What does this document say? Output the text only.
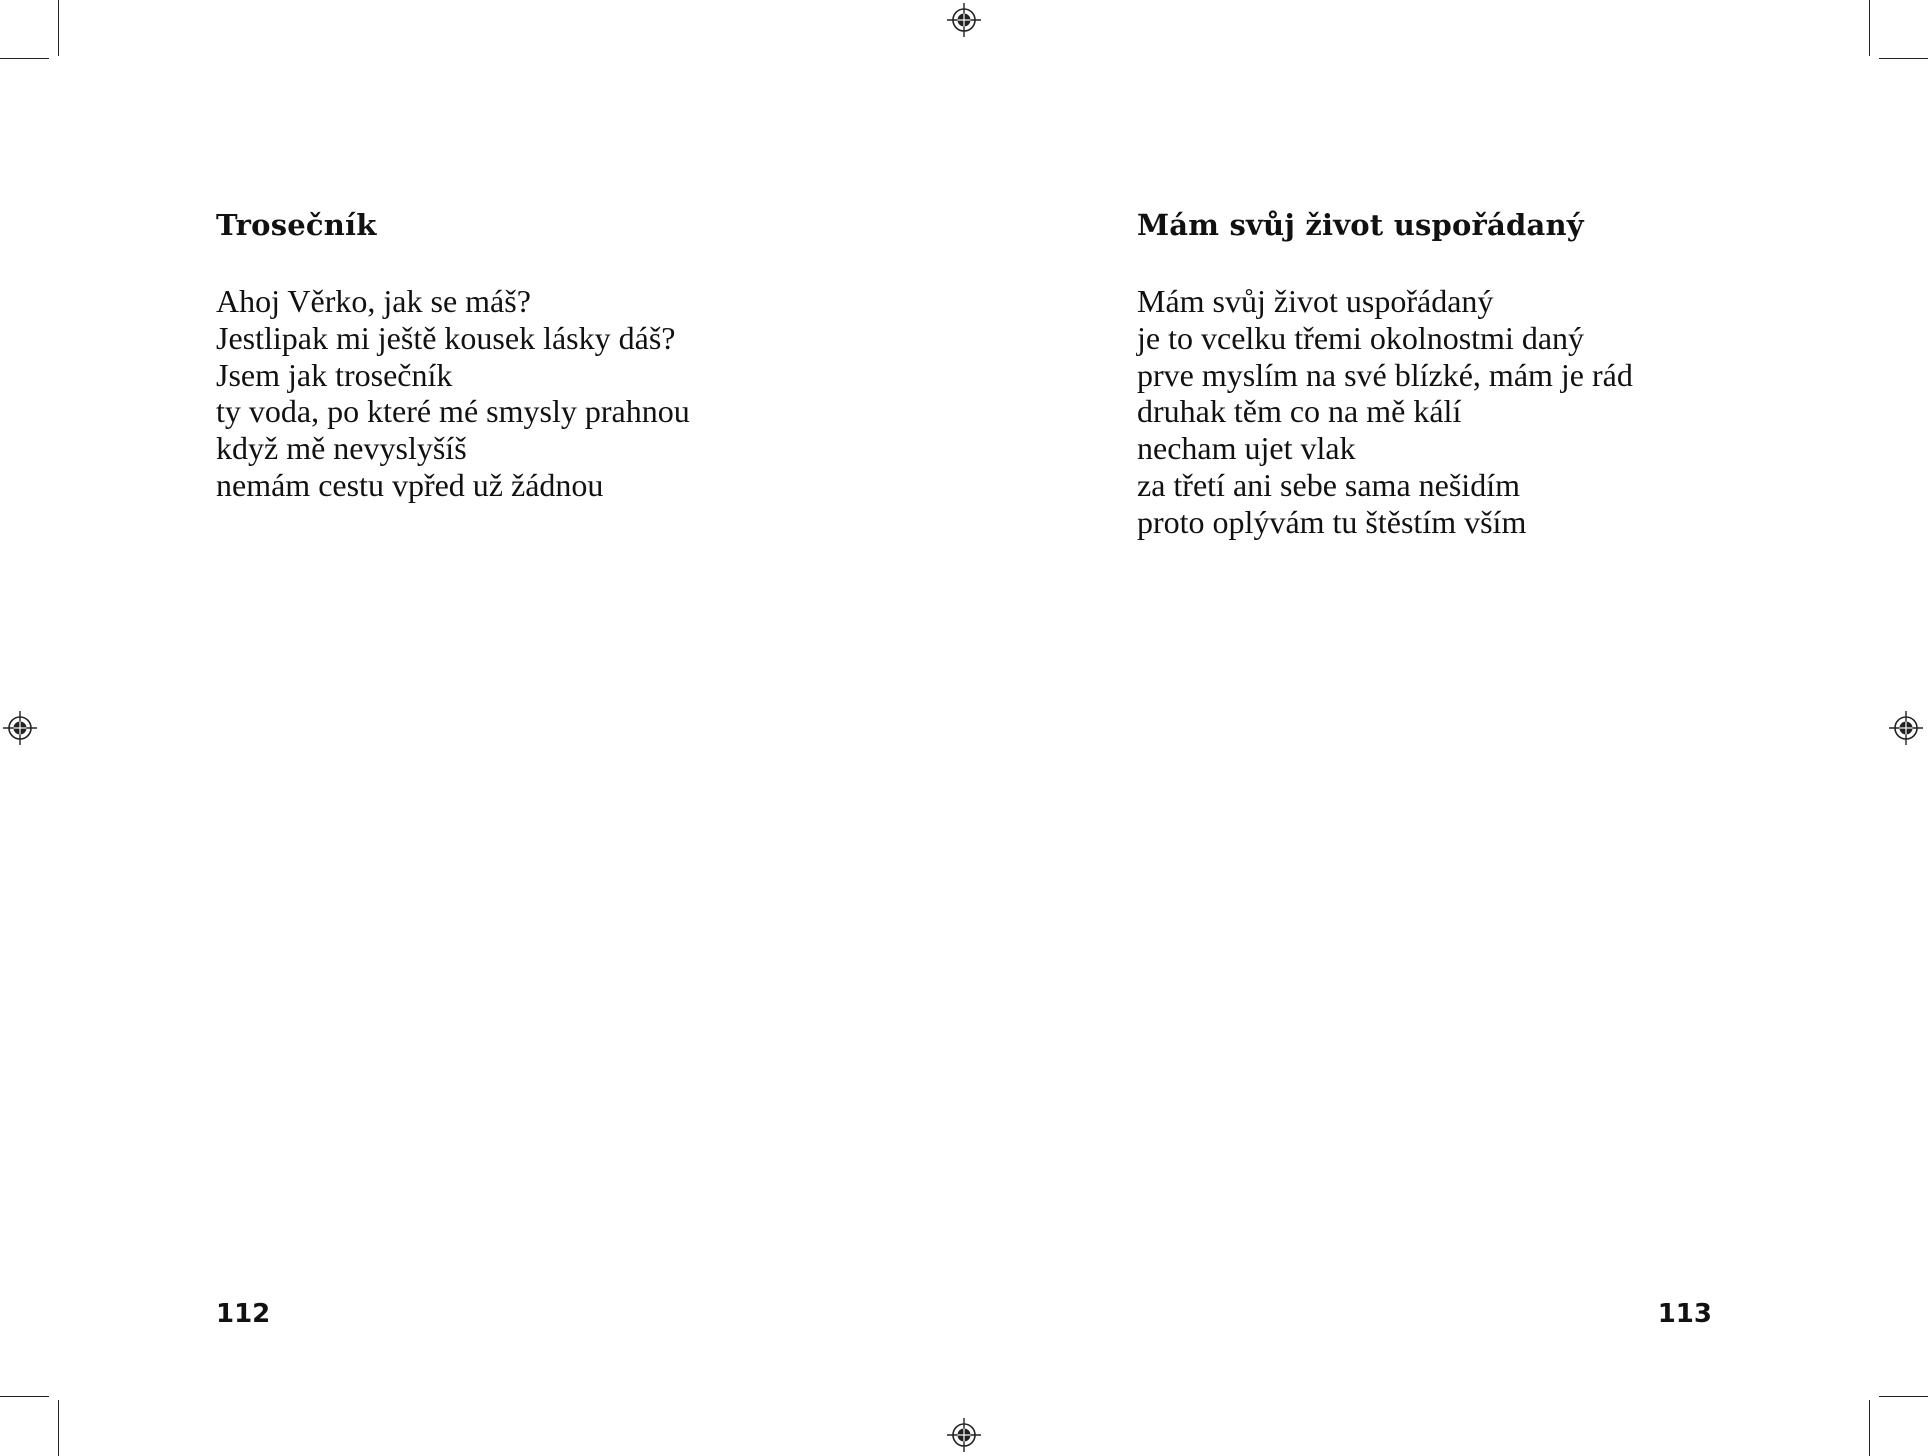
Trosečník
Ahoj Věrko, jak se máš?
Jestlipak mi ještě kousek lásky dáš?
Jsem jak trosečník
ty voda, po které mé smysly prahnou
když mě nevyslyšíš
nemám cestu vpřed už žádnou
112
Mám svůj život uspořádaný
Mám svůj život uspořádaný
je to vcelku třemi okolnostmi daný
prve myslím na své blízké, mám je rád
druhak těm co na mě kálí
necham ujet vlak
za třetí ani sebe sama nešidím
proto oplývám tu štěstím vším
113
